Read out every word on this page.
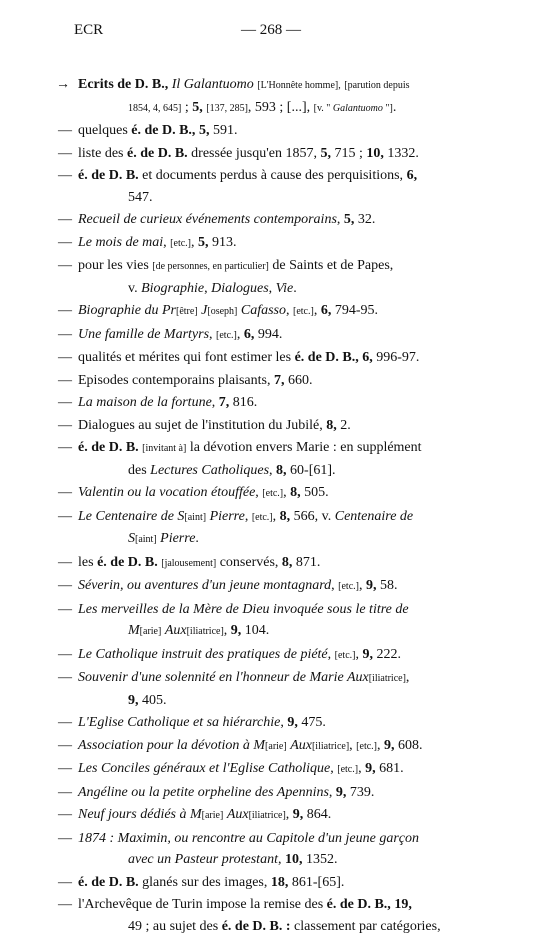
ECR	— 268 —
→ Ecrits de D. B., Il Galantuomo [L'Honnête homme], [parution depuis
1854, 4, 645] ; 5, [137, 285], 593 ; [...], [v. " Galantuomo "].
— quelques é. de D. B., 5, 591.
— liste des é. de D. B. dressée jusqu'en 1857, 5, 715 ; 10, 1332.
— é. de D. B. et documents perdus à cause des perquisitions, 6,
547.
— Recueil de curieux événements contemporains, 5, 32.
— Le mois de mai, [etc.], 5, 913.
— pour les vies [de personnes, en particulier] de Saints et de Papes,
v. Biographie, Dialogues, Vie.
— Biographie du Pr[être] J[oseph] Cafasso, [etc.], 6, 794-95.
— Une famille de Martyrs, [etc.], 6, 994.
— qualités et mérites qui font estimer les é. de D. B., 6, 996-97.
— Episodes contemporains plaisants, 7, 660.
— La maison de la fortune, 7, 816.
— Dialogues au sujet de l'institution du Jubilé, 8, 2.
— é. de D. B. [invitant à] la dévotion envers Marie : en supplément
des Lectures Catholiques, 8, 60-[61].
— Valentin ou la vocation étouffée, [etc.], 8, 505.
— Le Centenaire de S[aint] Pierre, [etc.], 8, 566, v. Centenaire de
S[aint] Pierre.
— les é. de D. B. [jalousement] conservés, 8, 871.
— Séverin, ou aventures d'un jeune montagnard, [etc.], 9, 58.
— Les merveilles de la Mère de Dieu invoquée sous le titre de
M[arie] Aux[iliatrice], 9, 104.
— Le Catholique instruit des pratiques de piété, [etc.], 9, 222.
— Souvenir d'une solennité en l'honneur de Marie Aux[iliatrice],
9, 405.
— L'Eglise Catholique et sa hiérarchie, 9, 475.
— Association pour la dévotion à M[arie] Aux[iliatrice], [etc.], 9, 608.
— Les Conciles généraux et l'Eglise Catholique, [etc.], 9, 681.
— Angéline ou la petite orpheline des Apennins, 9, 739.
— Neuf jours dédiés à M[arie] Aux[iliatrice], 9, 864.
— 1874 : Maximin, ou rencontre au Capitole d'un jeune garçon
avec un Pasteur protestant, 10, 1352.
— é. de D. B. glanés sur des images, 18, 861-[65].
— l'Archevêque de Turin impose la remise des é. de D. B., 19,
49 ; au sujet des é. de D. B. : classement par catégories,
